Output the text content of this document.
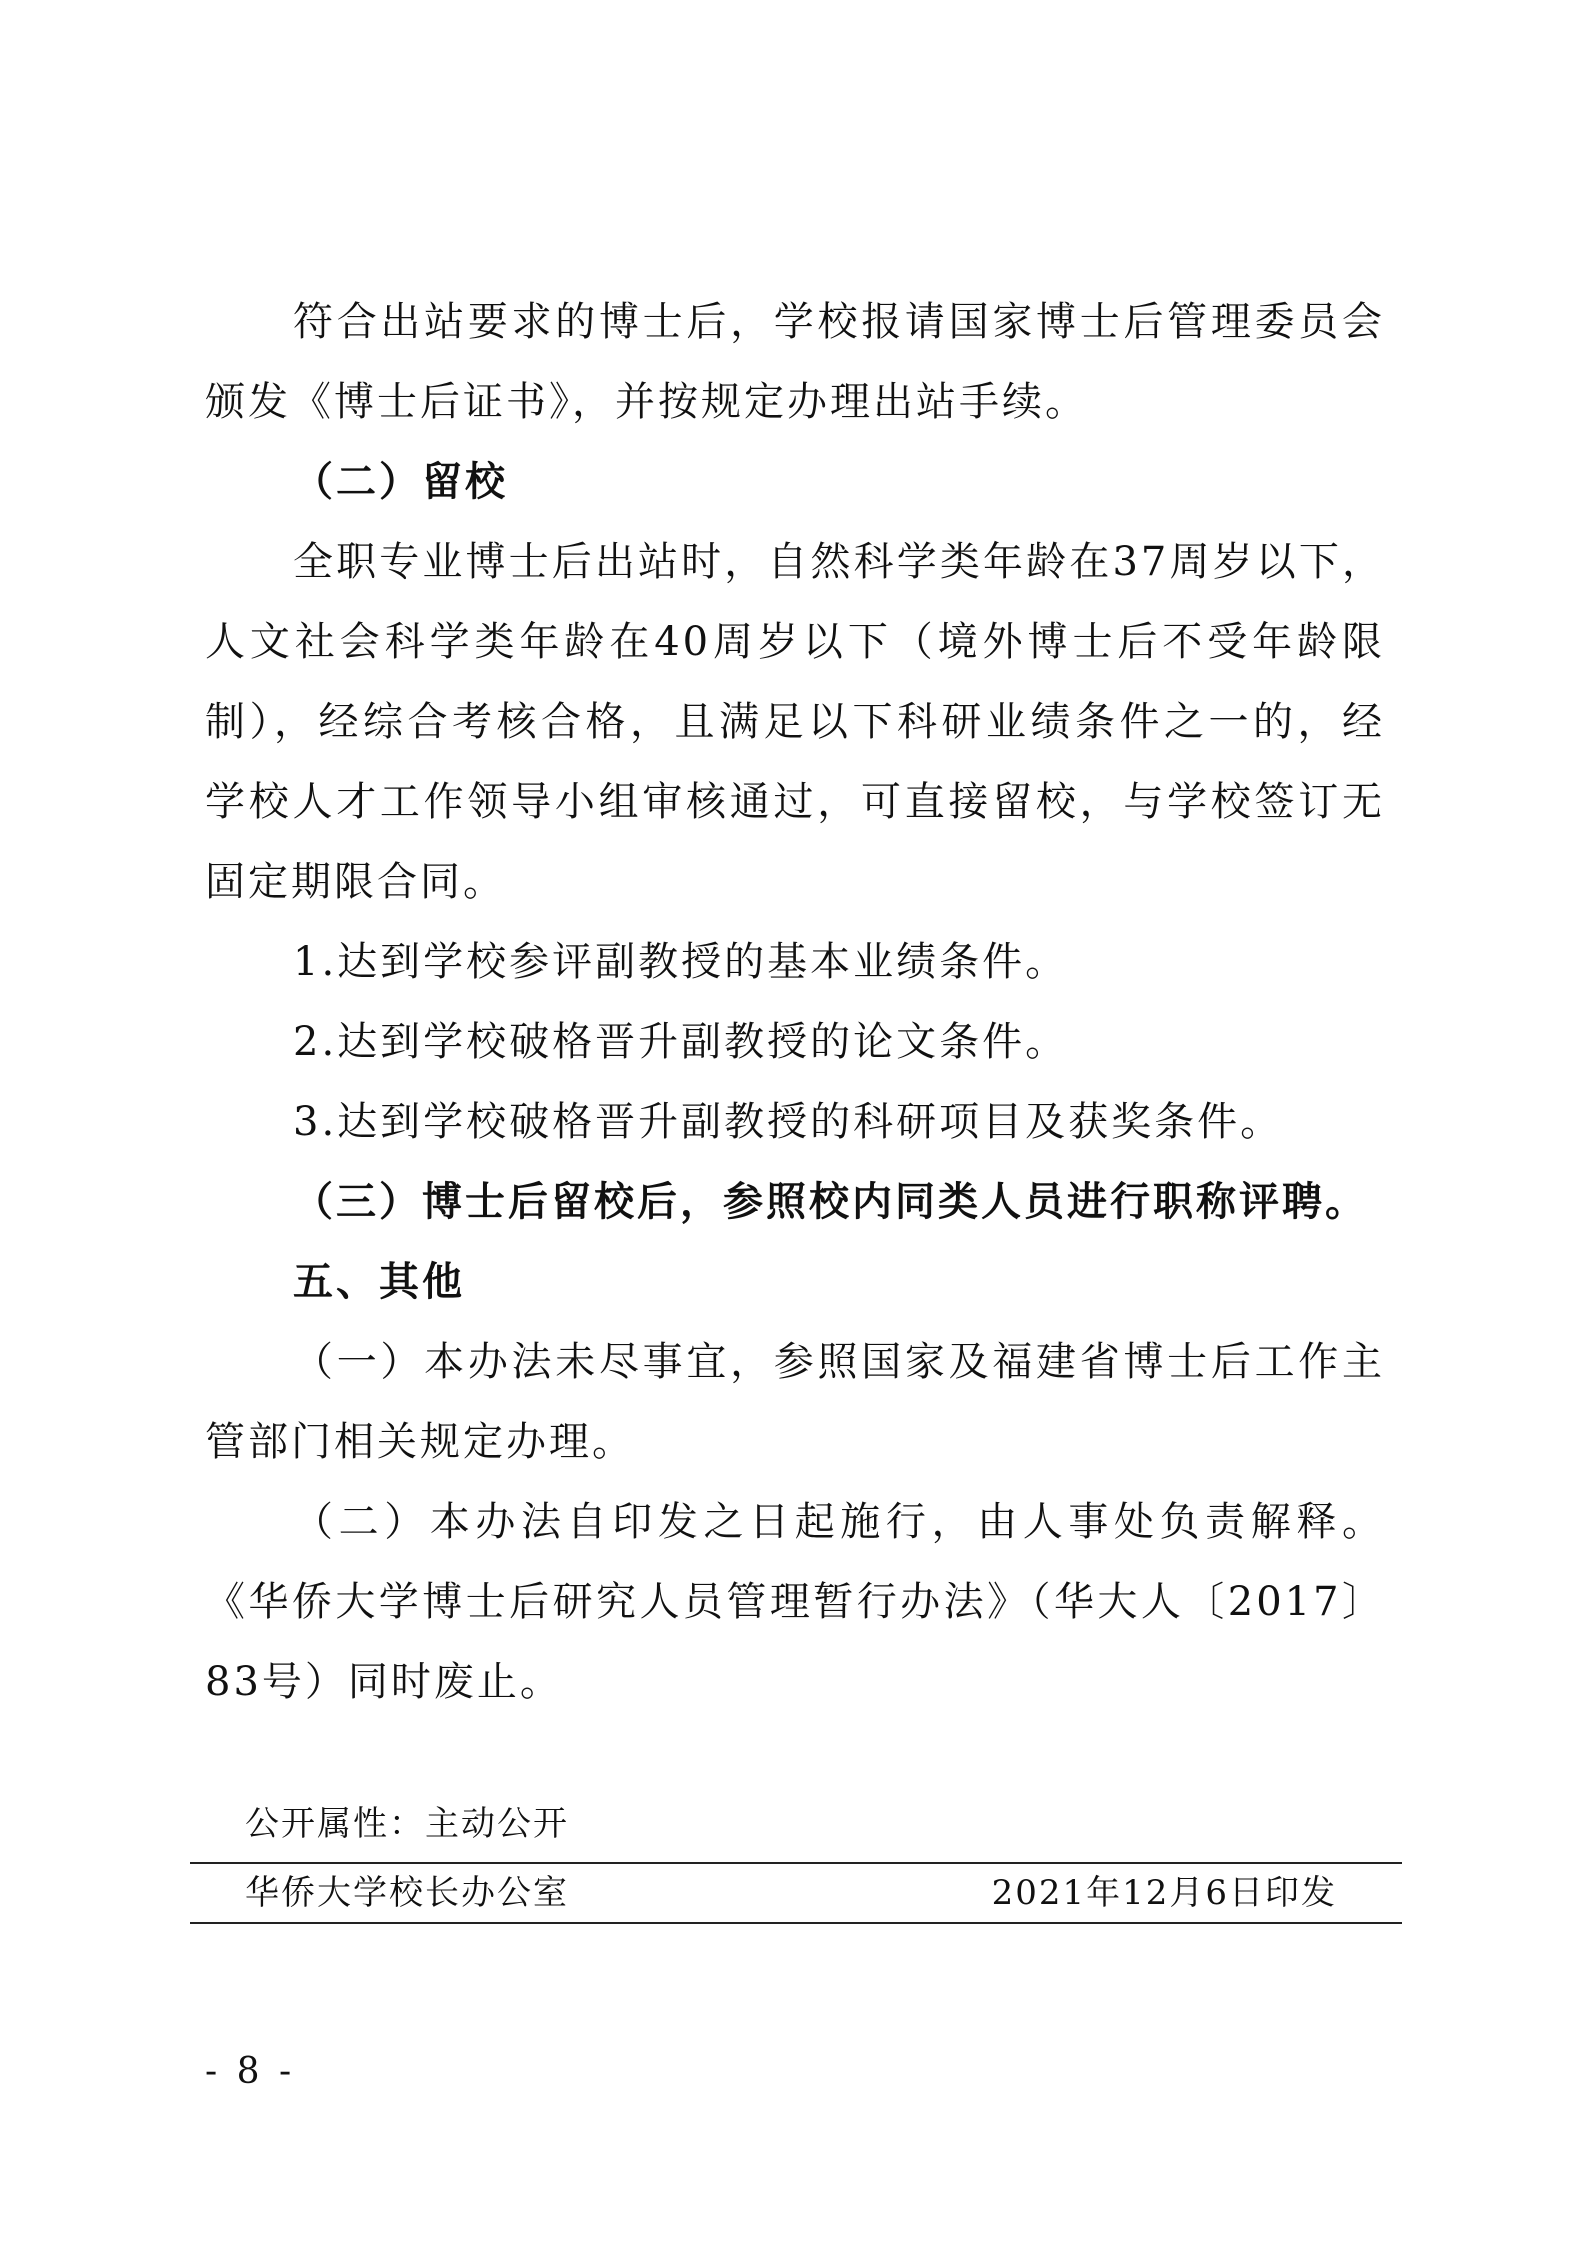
符合出站要求的博士后，学校报请国家博士后管理委员会颁发《博士后证书》，并按规定办理出站手续。

（二）留校

全职专业博士后出站时，自然科学类年龄在37周岁以下，人文社会科学类年龄在40周岁以下（境外博士后不受年龄限制），经综合考核合格，且满足以下科研业绩条件之一的，经学校人才工作领导小组审核通过，可直接留校，与学校签订无固定期限合同。

1.达到学校参评副教授的基本业绩条件。

2.达到学校破格晋升副教授的论文条件。

3.达到学校破格晋升副教授的科研项目及获奖条件。

（三）博士后留校后，参照校内同类人员进行职称评聘。

五、其他

（一）本办法未尽事宜，参照国家及福建省博士后工作主管部门相关规定办理。

（二）本办法自印发之日起施行，由人事处负责解释。《华侨大学博士后研究人员管理暂行办法》（华大人〔2017〕83号）同时废止。

公开属性：主动公开
华侨大学校长办公室	2021年12月6日印发
- 8 -
